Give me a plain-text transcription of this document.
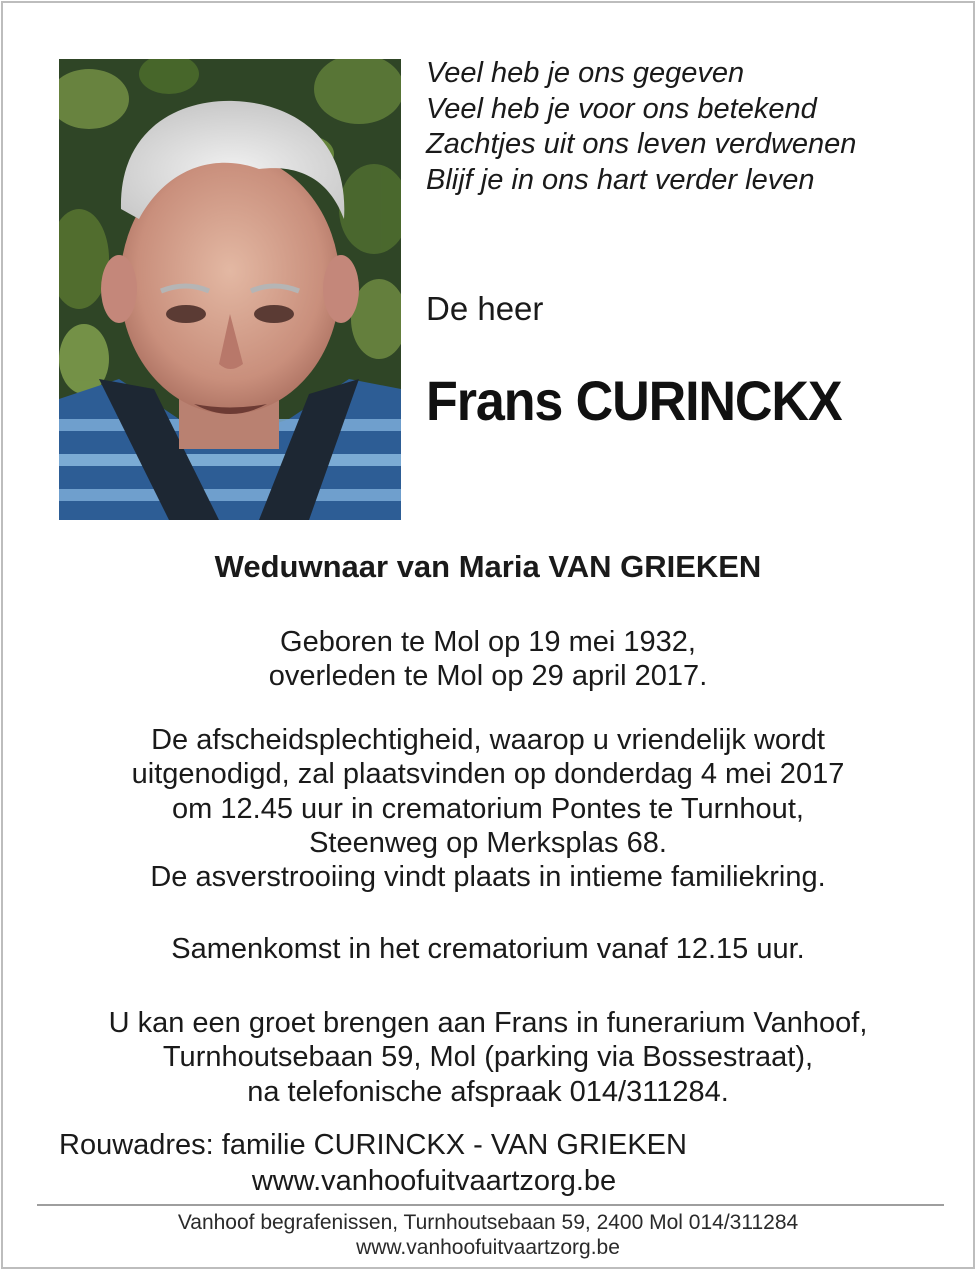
Veel heb je ons gegeven
Veel heb je voor ons betekend
Zachtjes uit ons leven verdwenen
Blijf je in ons hart verder leven
De heer
Frans CURINCKX
Weduwnaar van Maria VAN GRIEKEN
Geboren te Mol op 19 mei 1932,
overleden te Mol op 29 april 2017.
De afscheidsplechtigheid, waarop u vriendelijk wordt
uitgenodigd, zal plaatsvinden op donderdag 4 mei 2017
om 12.45 uur in crematorium Pontes te Turnhout,
Steenweg op Merksplas 68.
De asverstrooiing vindt plaats in intieme familiekring.
Samenkomst in het crematorium vanaf 12.15 uur.
U kan een groet brengen aan Frans in funerarium Vanhoof,
Turnhoutsebaan 59, Mol (parking via Bossestraat),
na telefonische afspraak 014/311284.
Rouwadres: familie CURINCKX - VAN GRIEKEN
www.vanhoofuitvaartzorg.be
Vanhoof begrafenissen, Turnhoutsebaan 59, 2400 Mol 014/311284
www.vanhoofuitvaartzorg.be
